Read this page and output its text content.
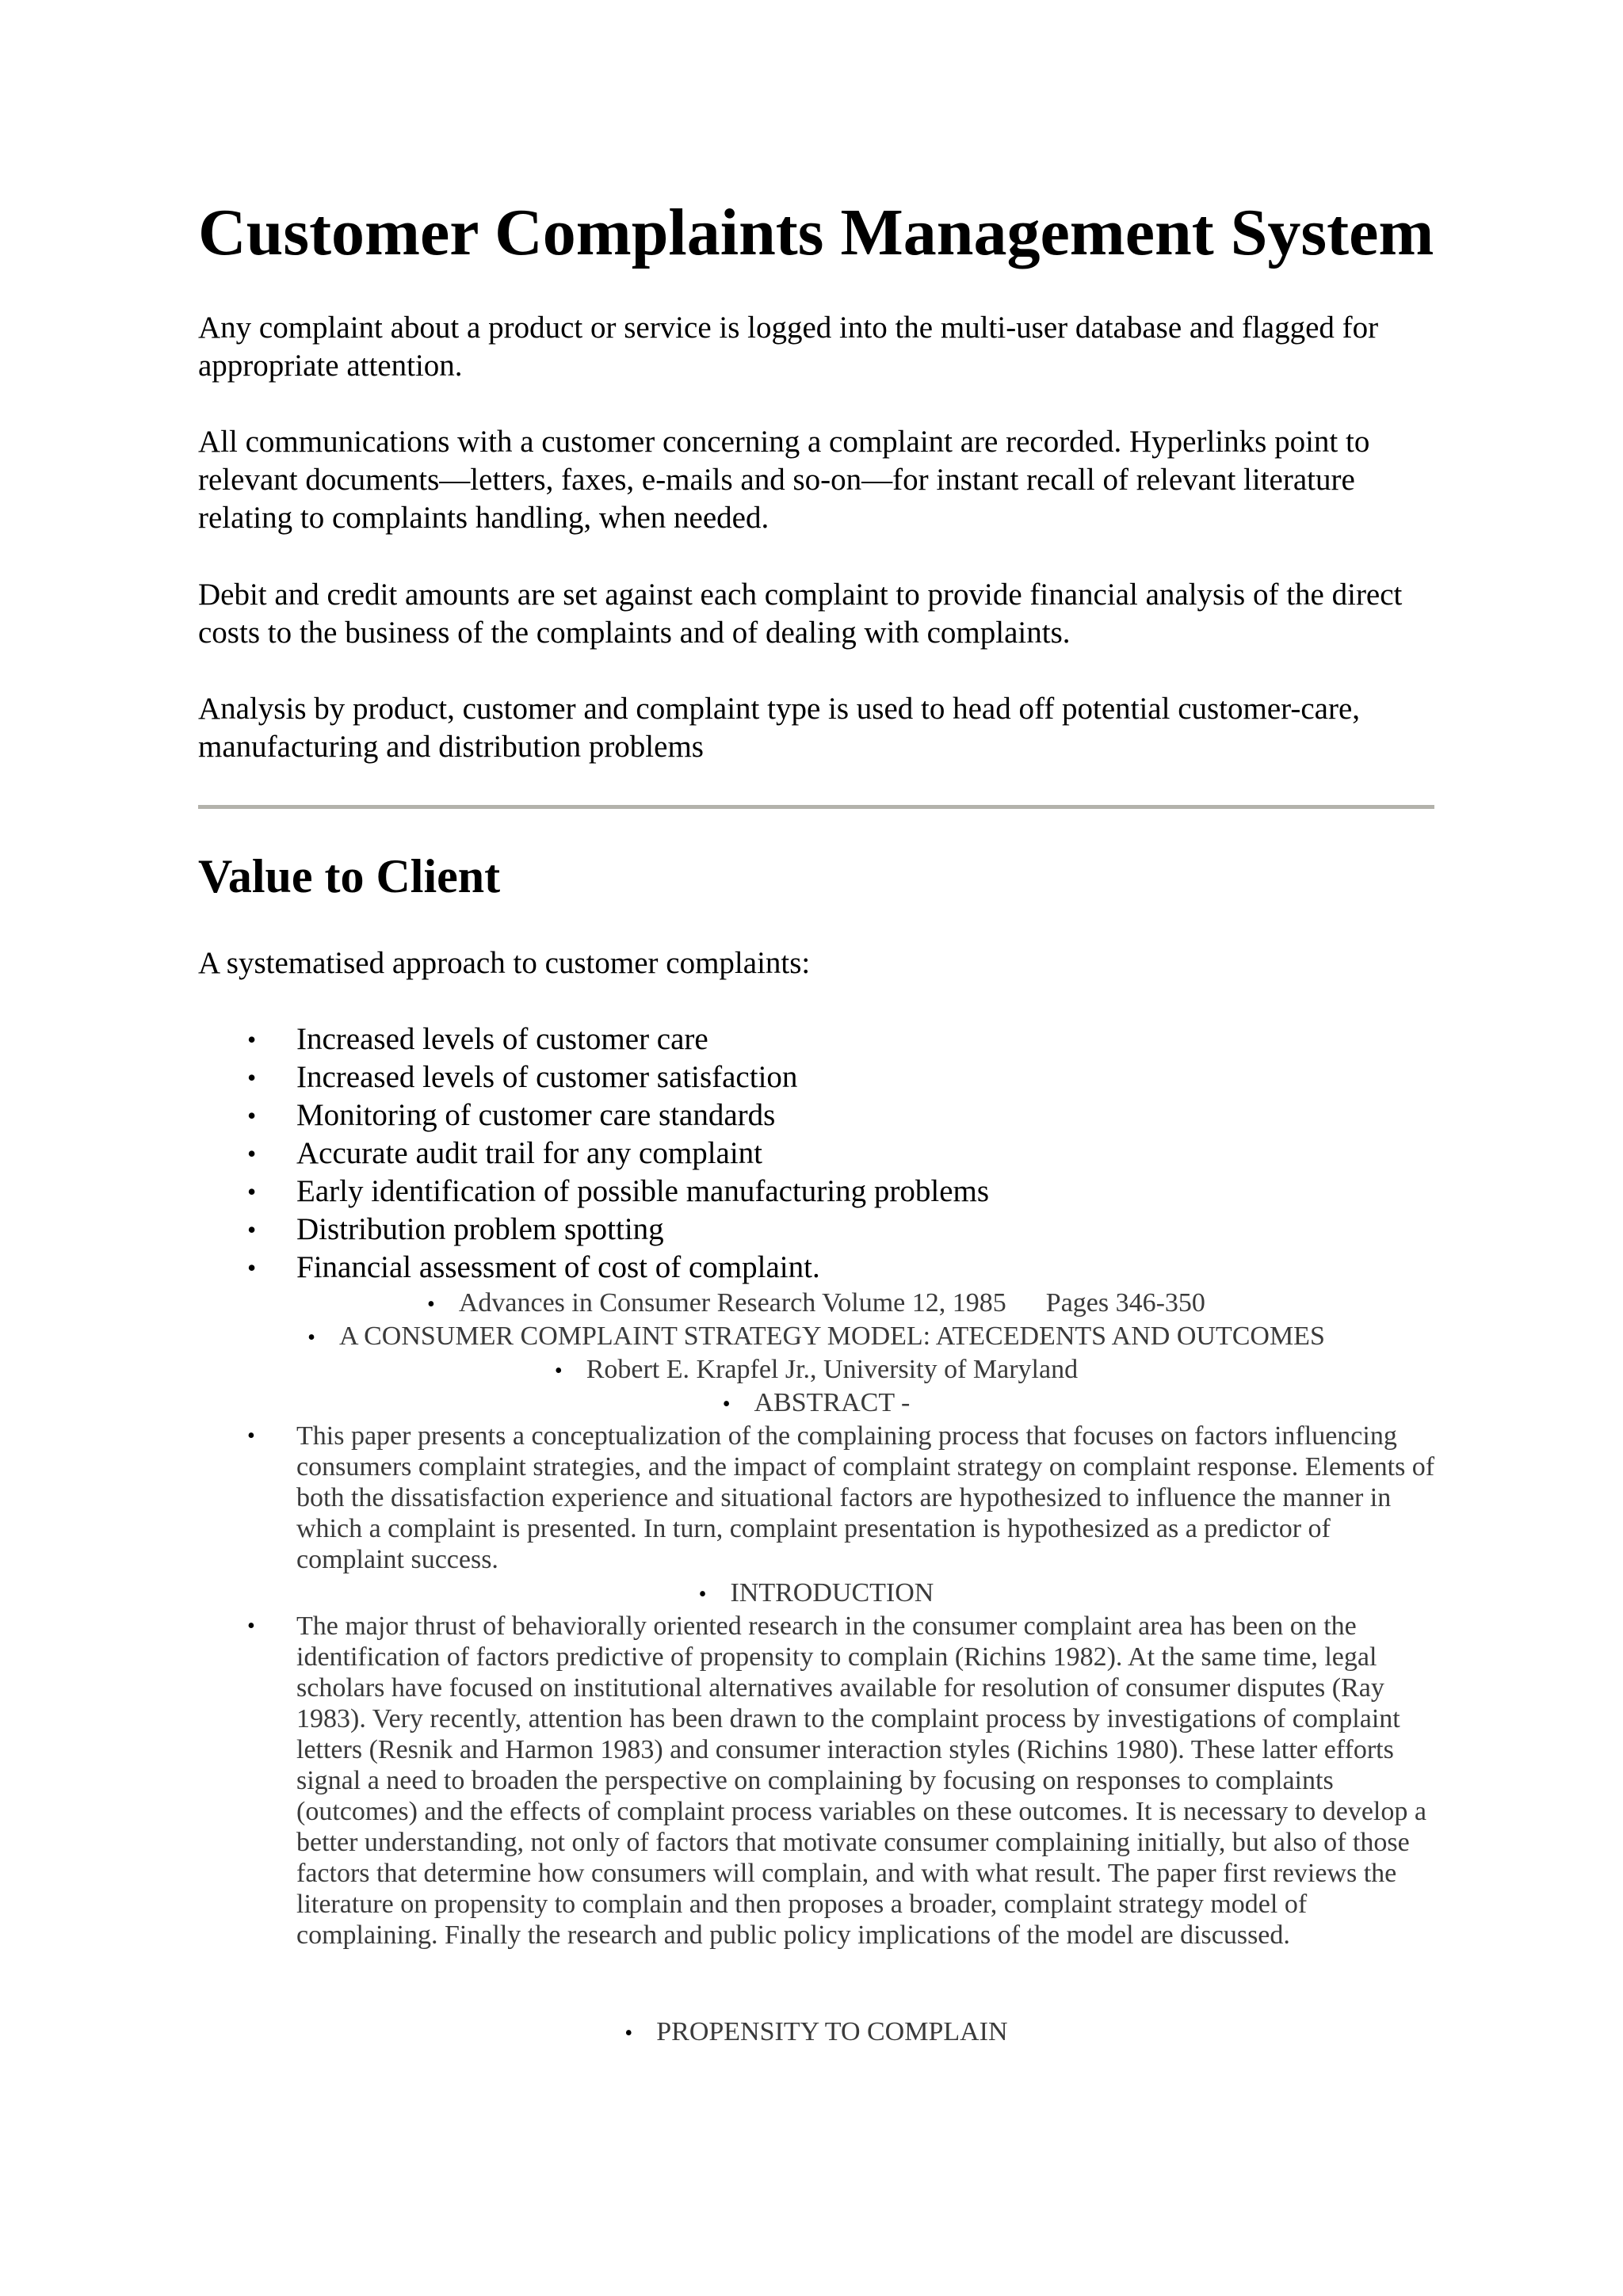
Customer Complaints Management System

Any complaint about a product or service is logged into the multi-user database and flagged for appropriate attention.

All communications with a customer concerning a complaint are recorded. Hyperlinks point to relevant documents—letters, faxes, e-mails and so-on—for instant recall of relevant literature relating to complaints handling, when needed.

Debit and credit amounts are set against each complaint to provide financial analysis of the direct costs to the business of the complaints and of dealing with complaints.

Analysis by product, customer and complaint type is used to head off potential customer-care, manufacturing and distribution problems

Value to Client

A systematised approach to customer complaints:

• Increased levels of customer care
• Increased levels of customer satisfaction
• Monitoring of customer care standards
• Accurate audit trail for any complaint
• Early identification of possible manufacturing problems
• Distribution problem spotting
• Financial assessment of cost of complaint.
• Advances in Consumer Research Volume 12, 1985 Pages 346-350
• A CONSUMER COMPLAINT STRATEGY MODEL: ATECEDENTS AND OUTCOMES
• Robert E. Krapfel Jr., University of Maryland
• ABSTRACT -
• This paper presents a conceptualization of the complaining process that focuses on factors influencing consumers complaint strategies, and the impact of complaint strategy on complaint response. Elements of both the dissatisfaction experience and situational factors are hypothesized to influence the manner in which a complaint is presented. In turn, complaint presentation is hypothesized as a predictor of complaint success.
• INTRODUCTION
• The major thrust of behaviorally oriented research in the consumer complaint area has been on the identification of factors predictive of propensity to complain (Richins 1982). At the same time, legal scholars have focused on institutional alternatives available for resolution of consumer disputes (Ray 1983). Very recently, attention has been drawn to the complaint process by investigations of complaint letters (Resnik and Harmon 1983) and consumer interaction styles (Richins 1980). These latter efforts signal a need to broaden the perspective on complaining by focusing on responses to complaints (outcomes) and the effects of complaint process variables on these outcomes. It is necessary to develop a better understanding, not only of factors that motivate consumer complaining initially, but also of those factors that determine how consumers will complain, and with what result. The paper first reviews the literature on propensity to complain and then proposes a broader, complaint strategy model of complaining. Finally the research and public policy implications of the model are discussed.
• PROPENSITY TO COMPLAIN
